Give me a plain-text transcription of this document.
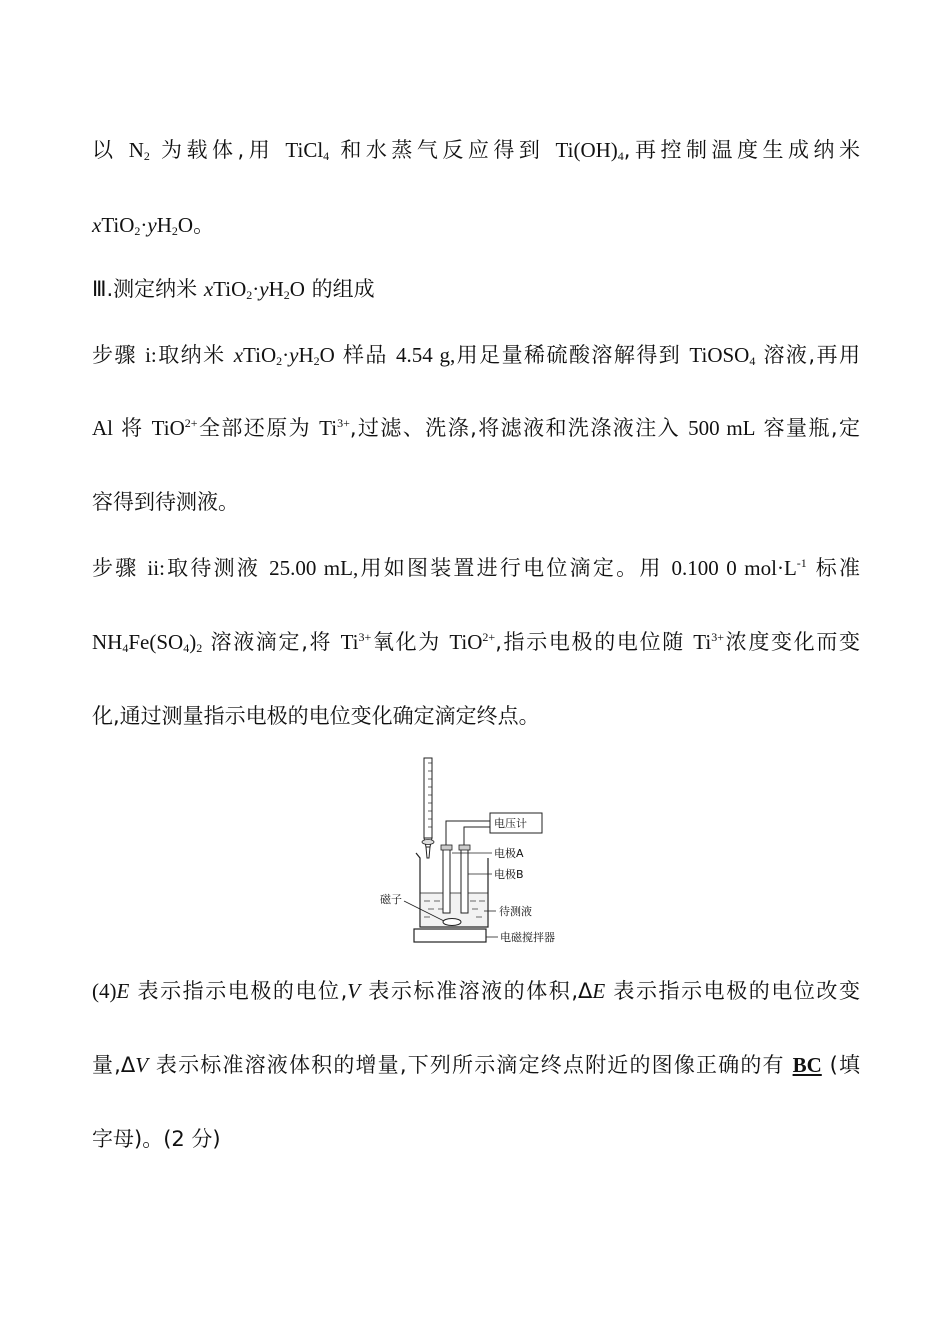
以 $N_2$ 为载体,用 TiCl$_4$ 和水蒸气反应得到 $Ti(OH)_4$,再控制温度生成纳米
$xTiO_2\cdot yH_2O$。
Ⅲ.测定纳米 $xTiO_2\cdot yH_2O$ 的组成
步骤 i:取纳米 $xTiO_2\cdot yH_2O$ 样品 4.54 g,用足量稀硫酸溶解得到 TiOSO$_4$ 溶液,再用
Al 将 TiO$^{2+}$全部还原为 $Ti^{3+}$,过滤、洗涤,将滤液和洗涤液注入 500 mL 容量瓶,定
容得到待测液。
步骤 ii:取待测液 25.00 mL,用如图装置进行电位滴定。用 0.100 0 $mol\cdot L^{-1}$ 标准
$NH_4Fe(SO_4)_2$ 溶液滴定,将 $Ti^{3+}$氧化为 TiO$^{2+}$,指示电极的电位随 $Ti^{3+}$浓度变化而变
化,通过测量指示电极的电位变化确定滴定终点。
电压计
电极A
电极B
磁子
待测液
电磁搅拌器
(4)E 表示指示电极的电位,V 表示标准溶液的体积,ΔE 表示指示电极的电位改变
量,ΔV 表示标准溶液体积的增量,下列所示滴定终点附近的图像正确的有 BC (填
字母)。(2 分)
